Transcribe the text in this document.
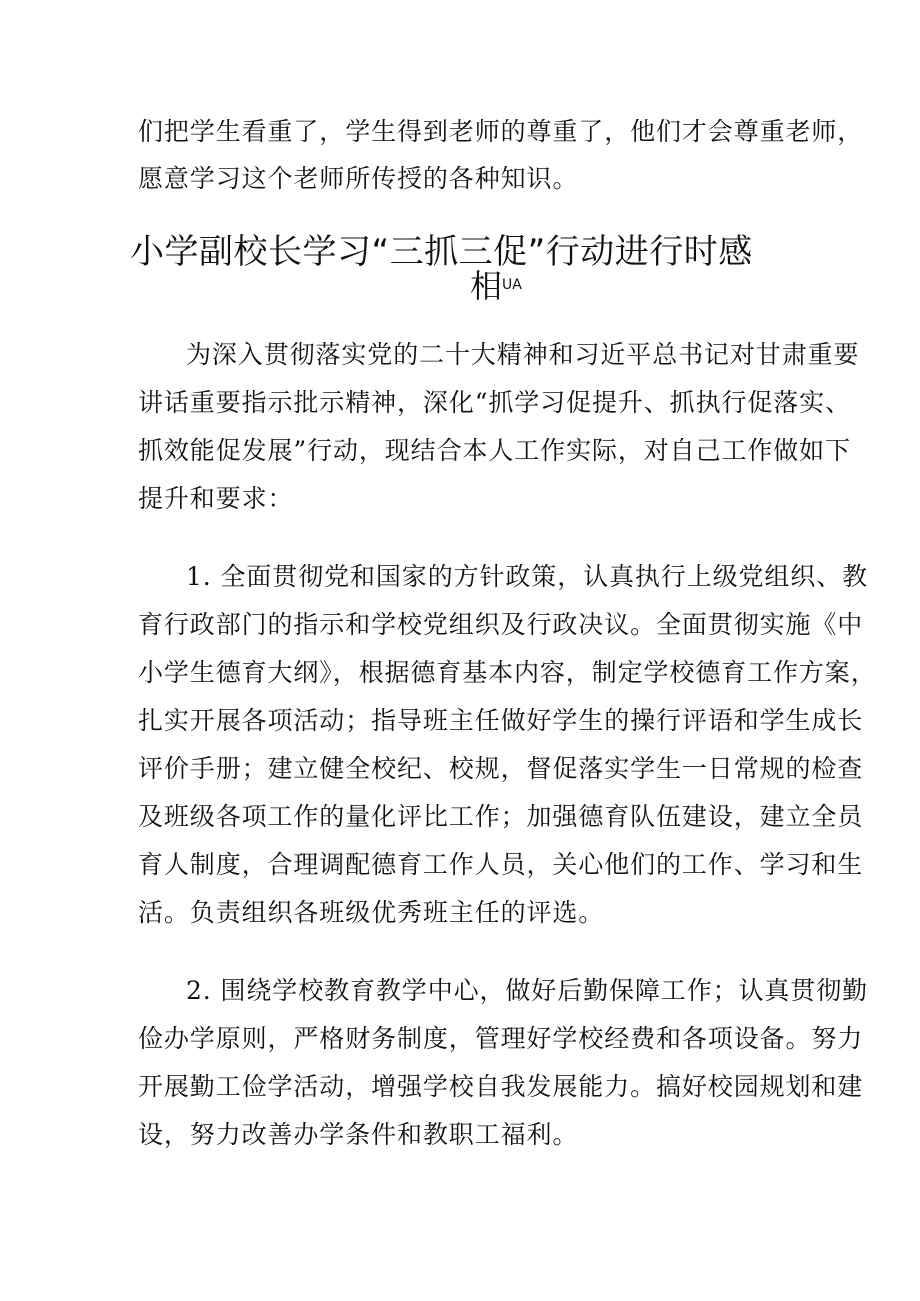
们把学生看重了，学生得到老师的尊重了，他们才会尊重老师，
愿意学习这个老师所传授的各种知识。
小学副校长学习“三抓三促”行动进行时感
相$^{UA}$
为深入贯彻落实党的二十大精神和习近平总书记对甘肃重要
讲话重要指示批示精神，深化“抓学习促提升、抓执行促落实、
抓效能促发展”行动，现结合本人工作实际，对自己工作做如下
提升和要求：
1. 全面贯彻党和国家的方针政策，认真执行上级党组织、教
育行政部门的指示和学校党组织及行政决议。全面贯彻实施《中
小学生德育大纲》，根据德育基本内容，制定学校德育工作方案，
扎实开展各项活动；指导班主任做好学生的操行评语和学生成长
评价手册；建立健全校纪、校规，督促落实学生一日常规的检查
及班级各项工作的量化评比工作；加强德育队伍建设，建立全员
育人制度，合理调配德育工作人员，关心他们的工作、学习和生
活。负责组织各班级优秀班主任的评选。
2. 围绕学校教育教学中心，做好后勤保障工作；认真贯彻勤
俭办学原则，严格财务制度，管理好学校经费和各项设备。努力
开展勤工俭学活动，增强学校自我发展能力。搞好校园规划和建
设，努力改善办学条件和教职工福利。
